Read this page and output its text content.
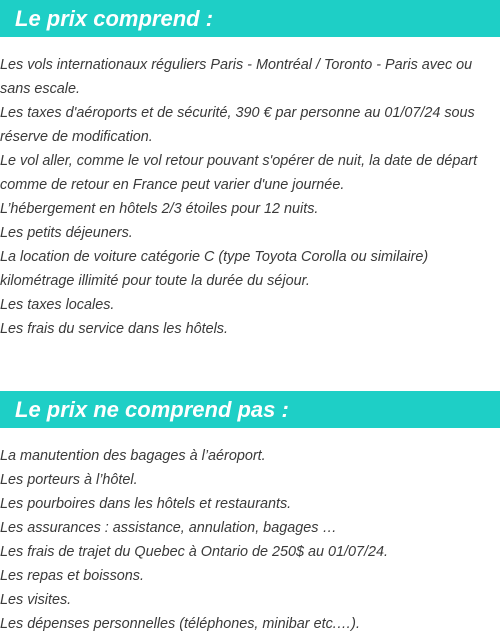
Le prix comprend :
Les vols internationaux réguliers Paris - Montréal / Toronto - Paris avec ou sans escale.
Les taxes d'aéroports et de sécurité, 390 € par personne au 01/07/24 sous réserve de modification.
Le vol aller, comme le vol retour pouvant s'opérer de nuit, la date de départ comme de retour en France peut varier d'une journée.
L’hébergement en hôtels 2/3 étoiles pour 12 nuits.
Les petits déjeuners.
La location de voiture catégorie C (type Toyota Corolla ou similaire) kilométrage illimité pour toute la durée du séjour.
Les taxes locales.
Les frais du service dans les hôtels.
Le prix ne comprend pas :
La manutention des bagages à l’aéroport.
Les porteurs à l’hôtel.
Les pourboires dans les hôtels et restaurants.
Les assurances : assistance, annulation, bagages …
Les frais de trajet du Quebec à Ontario de 250$ au 01/07/24.
Les repas et boissons.
Les visites.
Les dépenses personnelles (téléphones, minibar etc.…).
